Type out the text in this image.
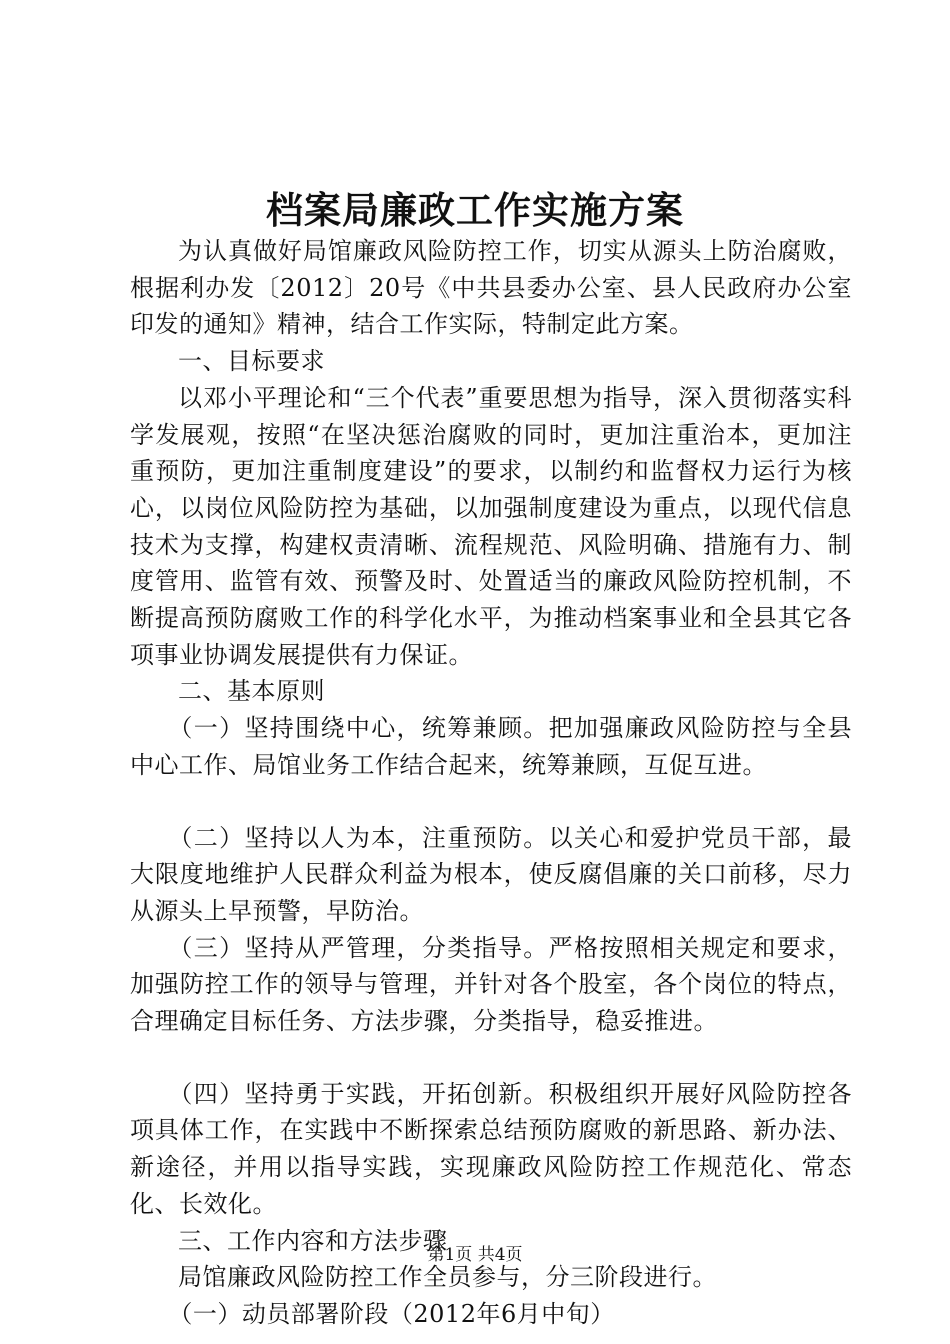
档案局廉政工作实施方案

为认真做好局馆廉政风险防控工作，切实从源头上防治腐败，根据利办发〔2012〕20号《中共县委办公室、县人民政府办公室印发的通知》精神，结合工作实际，特制定此方案。

一、目标要求

以邓小平理论和“三个代表”重要思想为指导，深入贯彻落实科学发展观，按照“在坚决惩治腐败的同时，更加注重治本，更加注重预防，更加注重制度建设”的要求，以制约和监督权力运行为核心，以岗位风险防控为基础，以加强制度建设为重点，以现代信息技术为支撑，构建权责清晰、流程规范、风险明确、措施有力、制度管用、监管有效、预警及时、处置适当的廉政风险防控机制，不断提高预防腐败工作的科学化水平，为推动档案事业和全县其它各项事业协调发展提供有力保证。

二、基本原则

（一）坚持围绕中心，统筹兼顾。把加强廉政风险防控与全县中心工作、局馆业务工作结合起来，统筹兼顾，互促互进。

（二）坚持以人为本，注重预防。以关心和爱护党员干部，最大限度地维护人民群众利益为根本，使反腐倡廉的关口前移，尽力从源头上早预警，早防治。

（三）坚持从严管理，分类指导。严格按照相关规定和要求，加强防控工作的领导与管理，并针对各个股室，各个岗位的特点，合理确定目标任务、方法步骤，分类指导，稳妥推进。

（四）坚持勇于实践，开拓创新。积极组织开展好风险防控各项具体工作，在实践中不断探索总结预防腐败的新思路、新办法、新途径，并用以指导实践，实现廉政风险防控工作规范化、常态化、长效化。

三、工作内容和方法步骤

局馆廉政风险防控工作全员参与，分三阶段进行。

（一）动员部署阶段（2012年6月中旬）

第1页 共4页
